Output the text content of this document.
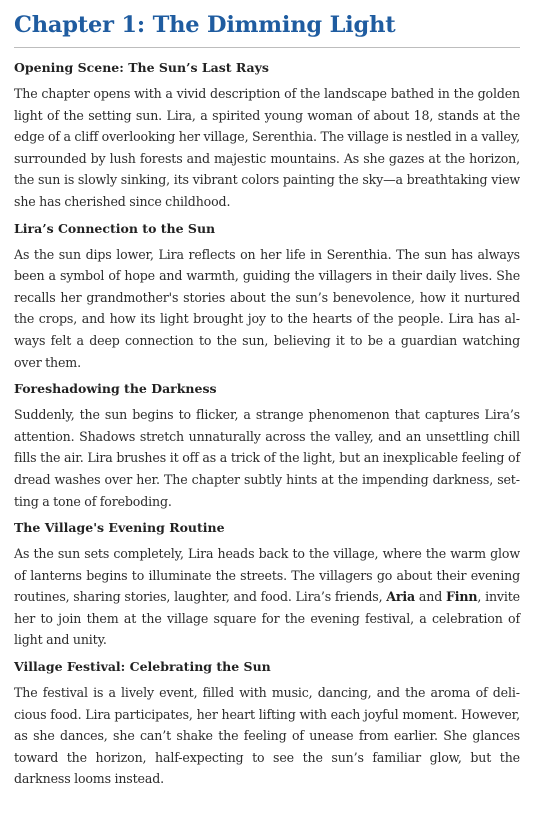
Chapter 1: The Dimming Light
Opening Scene: The Sun’s Last Rays

The chapter opens with a vivid description of the landscape bathed in the golden light of the setting sun. Lira, a spirited young woman of about 18, stands at the edge of a cliff overlooking her village, Serenthia. The village is nestled in a valley, surrounded by lush forests and majestic mountains. As she gazes at the horizon, the sun is slowly sinking, its vibrant colors painting the sky—a breathtaking view she has cherished since childhood.

Lira’s Connection to the Sun

As the sun dips lower, Lira reflects on her life in Serenthia. The sun has always been a symbol of hope and warmth, guiding the villagers in their daily lives. She recalls her grandmother's stories about the sun’s benevolence, how it nurtured the crops, and how its light brought joy to the hearts of the people. Lira has always felt a deep connection to the sun, believing it to be a guardian watching over them.

Foreshadowing the Darkness

Suddenly, the sun begins to flicker, a strange phenomenon that captures Lira’s attention. Shadows stretch unnaturally across the valley, and an unsettling chill fills the air. Lira brushes it off as a trick of the light, but an inexplicable feeling of dread washes over her. The chapter subtly hints at the impending darkness, setting a tone of foreboding.

The Village's Evening Routine

As the sun sets completely, Lira heads back to the village, where the warm glow of lanterns begins to illuminate the streets. The villagers go about their evening routines, sharing stories, laughter, and food. Lira’s friends, Aria and Finn, invite her to join them at the village square for the evening festival, a celebration of light and unity.

Village Festival: Celebrating the Sun

The festival is a lively event, filled with music, dancing, and the aroma of delicious food. Lira participates, her heart lifting with each joyful moment. However, as she dances, she can’t shake the feeling of unease from earlier. She glances toward the horizon, half-expecting to see the sun’s familiar glow, but the darkness looms instead.
